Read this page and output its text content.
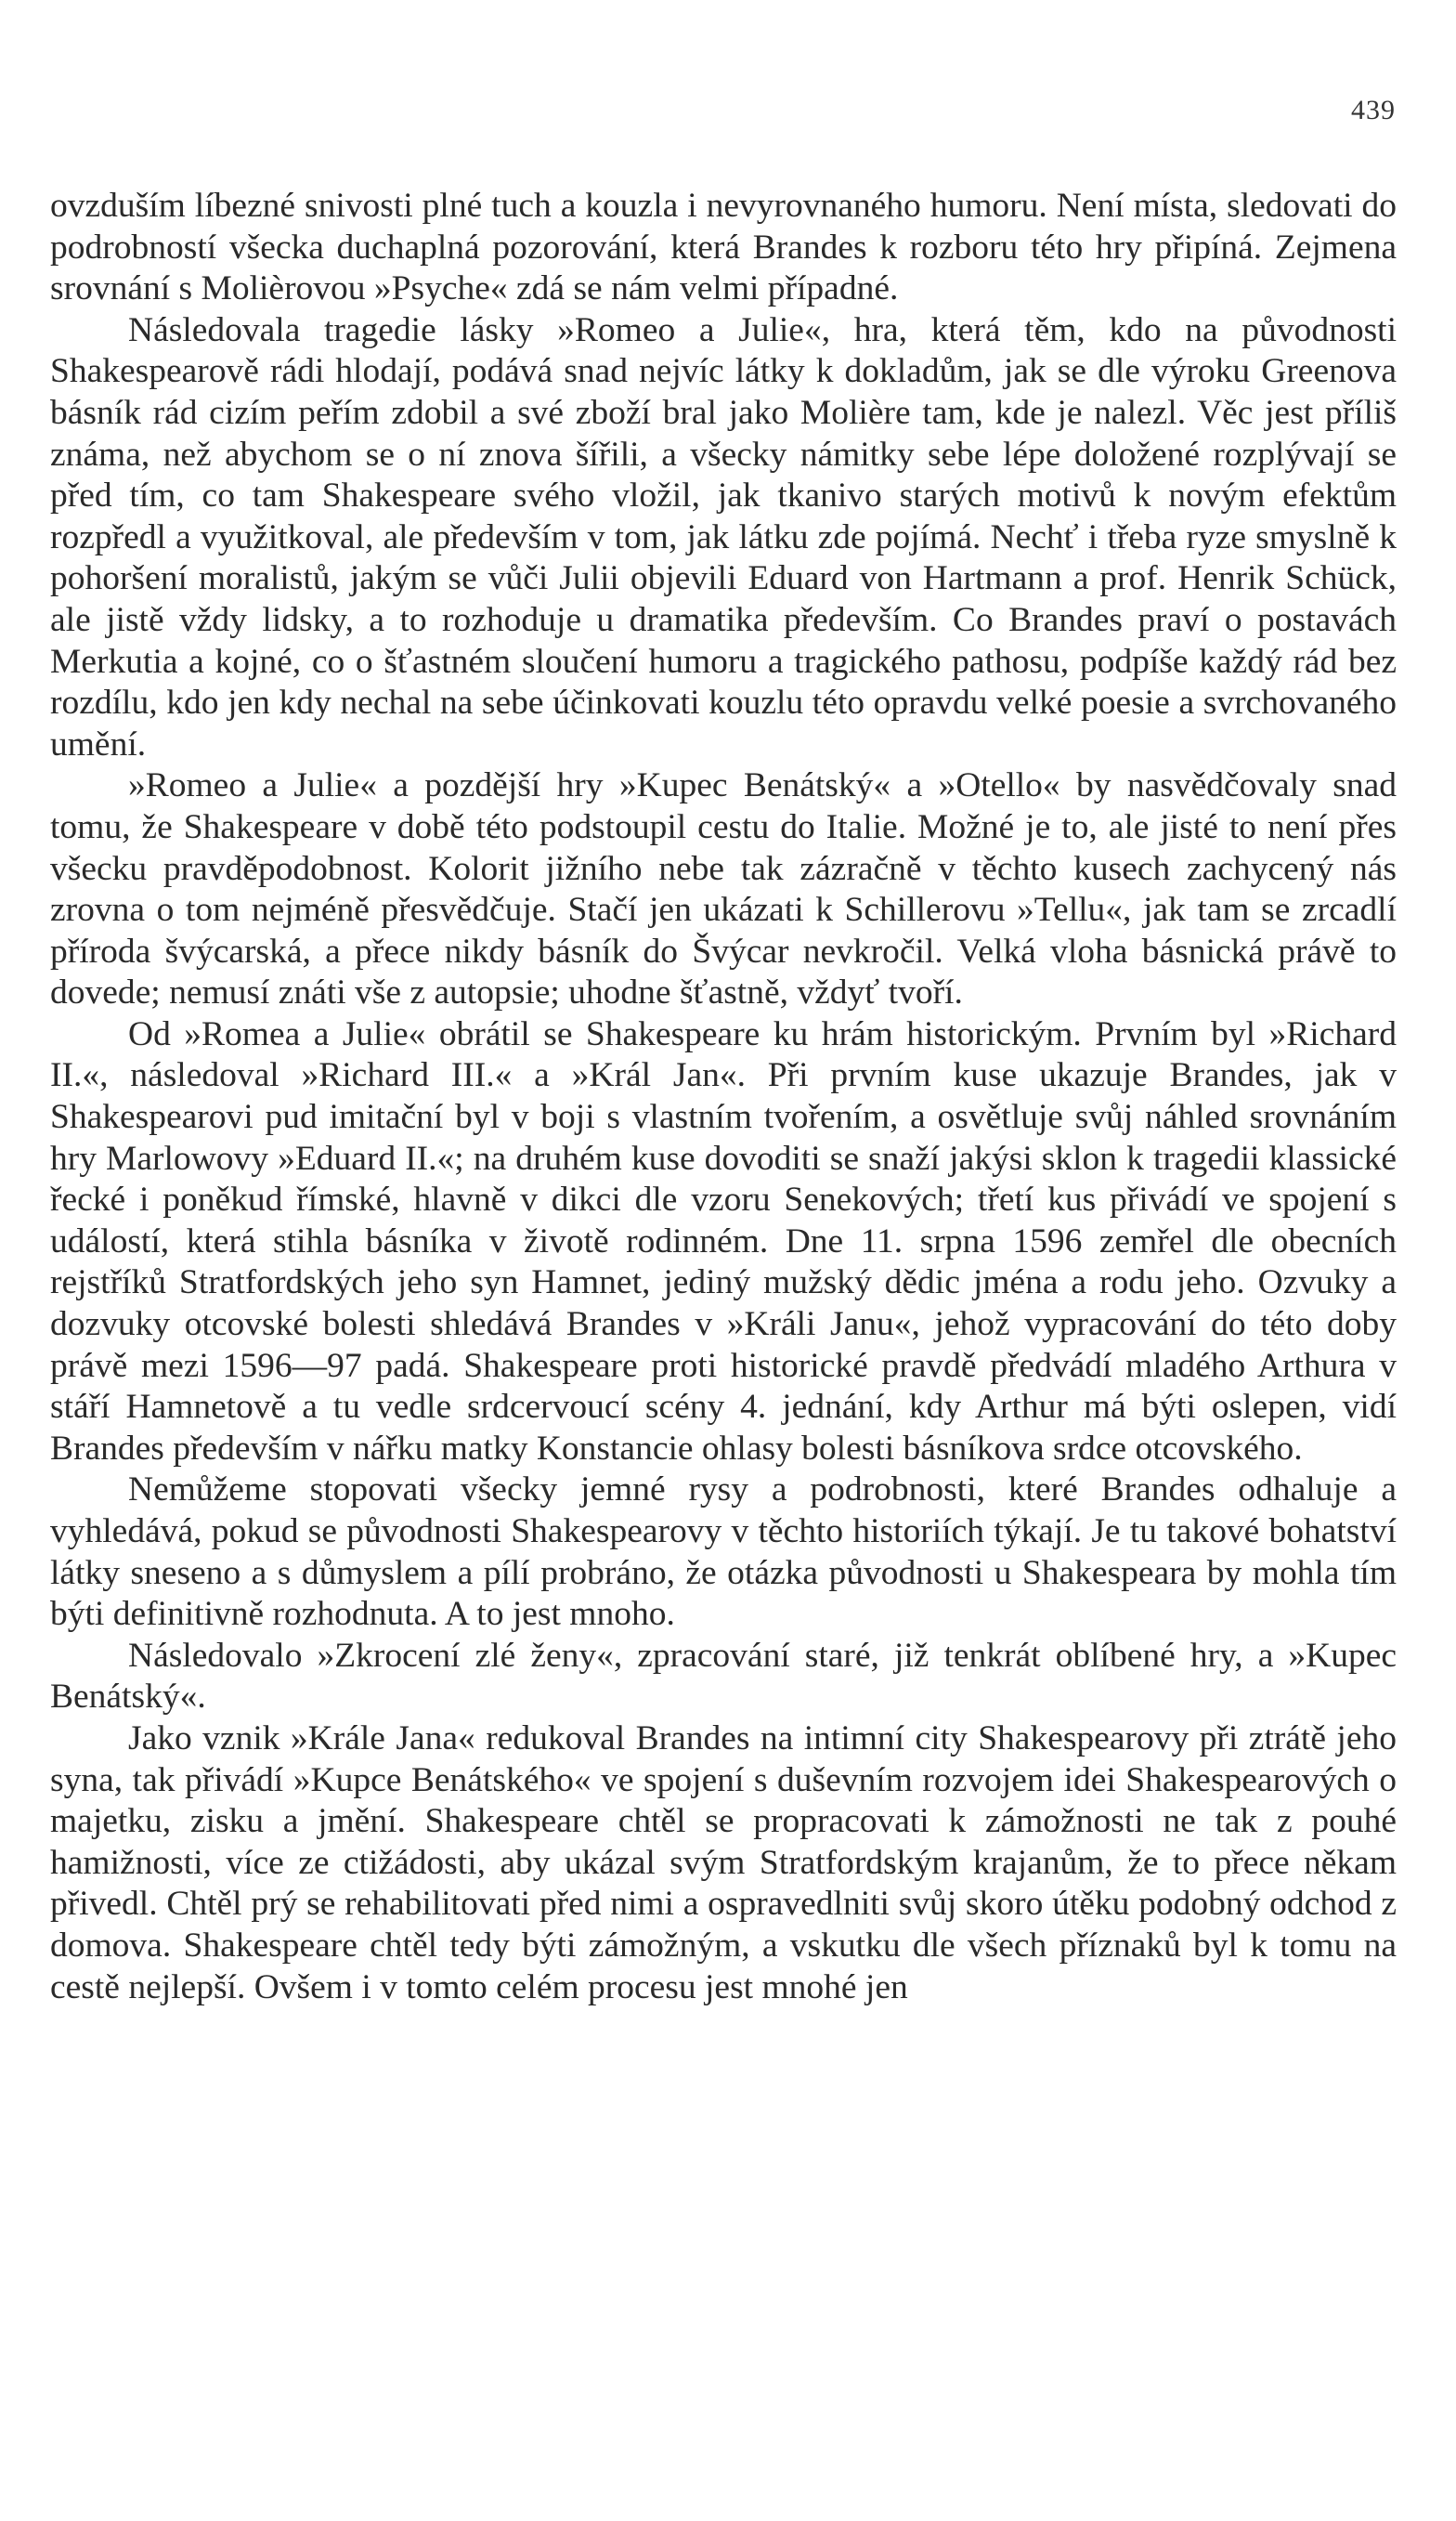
439

ovzduším líbezné snivosti plné tuch a kouzla i nevyrovnaného humoru. Není místa, sledovati do podrobností všecka duchaplná pozorování, která Brandes k rozboru této hry připíná. Zejmena srovnání s Molièrovou »Psyche« zdá se nám velmi případné.

Následovala tragedie lásky »Romeo a Julie«, hra, která těm, kdo na původnosti Shakespearově rádi hlodají, podává snad nejvíc látky k dokladům, jak se dle výroku Greenova básník rád cizím peřím zdobil a své zboží bral jako Molière tam, kde je nalezl. Věc jest příliš známa, než abychom se o ní znova šířili, a všecky námitky sebe lépe doložené rozplývají se před tím, co tam Shakespeare svého vložil, jak tkanivo starých motivů k novým efektům rozpředl a využitkoval, ale především v tom, jak látku zde pojímá. Nechť i třeba ryze smyslně k pohoršení moralistů, jakým se vůči Julii objevili Eduard von Hartmann a prof. Henrik Schück, ale jistě vždy lidsky, a to rozhoduje u dramatika především. Co Brandes praví o postavách Merkutia a kojné, co o šťastném sloučení humoru a tragického pathosu, podpíše každý rád bez rozdílu, kdo jen kdy nechal na sebe účinkovati kouzlu této opravdu velké poesie a svrchovaného umění.

»Romeo a Julie« a pozdější hry »Kupec Benátský« a »Otello« by nasvědčovaly snad tomu, že Shakespeare v době této podstoupil cestu do Italie. Možné je to, ale jisté to není přes všecku pravděpodobnost. Kolorit jižního nebe tak zázračně v těchto kusech zachycený nás zrovna o tom nejméně přesvědčuje. Stačí jen ukázati k Schillerovu »Tellu«, jak tam se zrcadlí příroda švýcarská, a přece nikdy básník do Švýcar nevkročil. Velká vloha básnická právě to dovede; nemusí znáti vše z autopsie; uhodne šťastně, vždyť tvoří.

Od »Romea a Julie« obrátil se Shakespeare ku hrám historickým. Prvním byl »Richard II.«, následoval »Richard III.« a »Král Jan«. Při prvním kuse ukazuje Brandes, jak v Shakespearovi pud imitační byl v boji s vlastním tvořením, a osvětluje svůj náhled srovnáním hry Marlowovy »Eduard II.«; na druhém kuse dovoditi se snaží jakýsi sklon k tragedii klassické řecké i poněkud římské, hlavně v dikci dle vzoru Senekových; třetí kus přivádí ve spojení s událostí, která stihla básníka v životě rodinném. Dne 11. srpna 1596 zemřel dle obecních rejstříků Stratfordských jeho syn Hamnet, jediný mužský dědic jména a rodu jeho. Ozvuky a dozvuky otcovské bolesti shledává Brandes v »Králi Janu«, jehož vypracování do této doby právě mezi 1596—97 padá. Shakespeare proti historické pravdě předvádí mladého Arthura v stáří Hamnetově a tu vedle srdcervoucí scény 4. jednání, kdy Arthur má býti oslepen, vidí Brandes především v nářku matky Konstancie ohlasy bolesti básníkova srdce otcovského.

Nemůžeme stopovati všecky jemné rysy a podrobnosti, které Brandes odhaluje a vyhledává, pokud se původnosti Shakespearovy v těchto historiích týkají. Je tu takové bohatství látky sneseno a s důmyslem a pílí probráno, že otázka původnosti u Shakespeara by mohla tím býti definitivně rozhodnuta. A to jest mnoho.

Následovalo »Zkrocení zlé ženy«, zpracování staré, již tenkrát oblíbené hry, a »Kupec Benátský«.

Jako vznik »Krále Jana« redukoval Brandes na intimní city Shakespearovy při ztrátě jeho syna, tak přivádí »Kupce Benátského« ve spojení s duševním rozvojem idei Shakespearových o majetku, zisku a jmění. Shakespeare chtěl se propracovati k zámožnosti ne tak z pouhé hamižnosti, více ze ctižádosti, aby ukázal svým Stratfordským krajanům, že to přece někam přivedl. Chtěl prý se rehabilitovati před nimi a ospravedlniti svůj skoro útěku podobný odchod z domova. Shakespeare chtěl tedy býti zámožným, a vskutku dle všech příznaků byl k tomu na cestě nejlepší. Ovšem i v tomto celém procesu jest mnohé jen
